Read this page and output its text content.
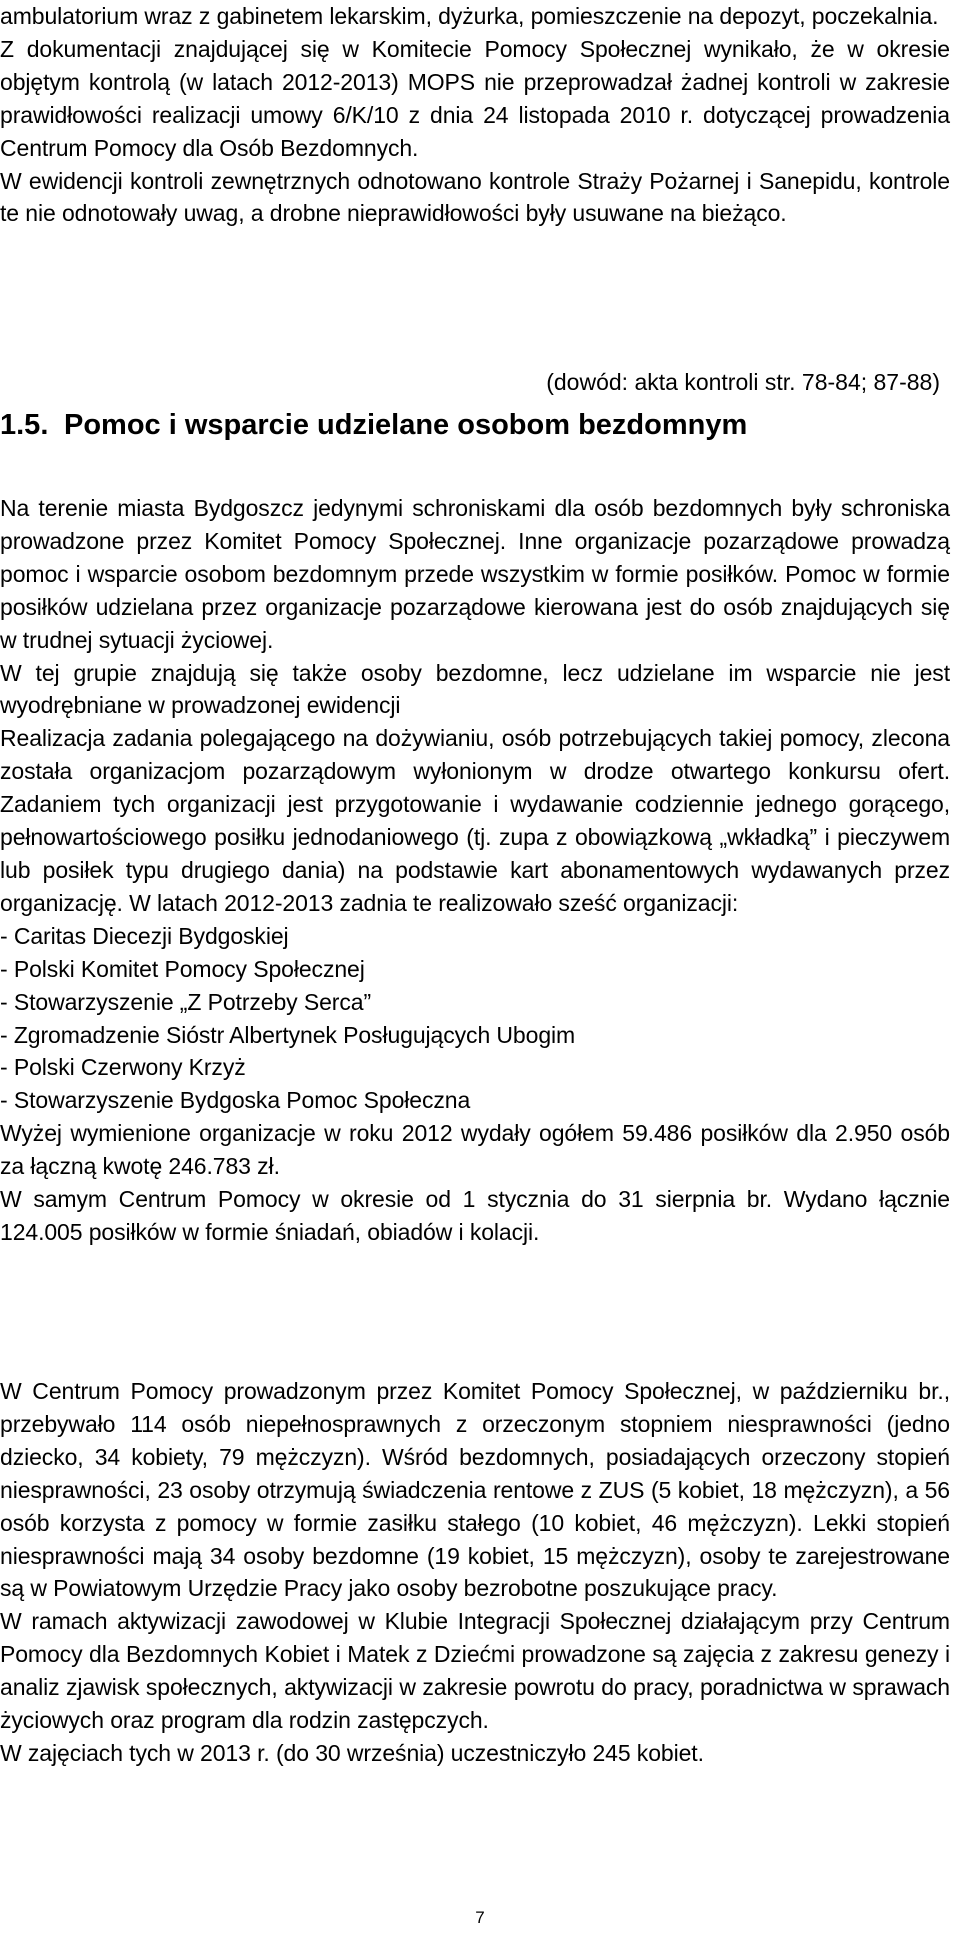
ambulatorium wraz z gabinetem lekarskim, dyżurka, pomieszczenie na depozyt, poczekalnia.

Z dokumentacji znajdującej się w Komitecie Pomocy Społecznej wynikało, że w okresie objętym kontrolą (w latach 2012-2013) MOPS nie przeprowadzał żadnej kontroli w zakresie prawidłowości realizacji umowy 6/K/10 z dnia 24 listopada 2010 r. dotyczącej prowadzenia Centrum Pomocy dla Osób Bezdomnych.

W ewidencji kontroli zewnętrznych odnotowano kontrole Straży Pożarnej i Sanepidu, kontrole te nie odnotowały uwag, a drobne nieprawidłowości były usuwane na bieżąco.

(dowód: akta kontroli str. 78-84; 87-88)
1.5. Pomoc i wsparcie udzielane osobom bezdomnym

Na terenie miasta Bydgoszcz jedynymi schroniskami dla osób bezdomnych były schroniska prowadzone przez Komitet Pomocy Społecznej. Inne organizacje pozarządowe prowadzą pomoc i wsparcie osobom bezdomnym przede wszystkim w formie posiłków. Pomoc w formie posiłków udzielana przez organizacje pozarządowe kierowana jest do osób znajdujących się w trudnej sytuacji życiowej.

W tej grupie znajdują się także osoby bezdomne, lecz udzielane im wsparcie nie jest wyodrębniane w prowadzonej ewidencji

Realizacja zadania polegającego na dożywianiu, osób potrzebujących takiej pomocy, zlecona została organizacjom pozarządowym wyłonionym w drodze otwartego konkursu ofert. Zadaniem tych organizacji jest przygotowanie i wydawanie codziennie jednego gorącego, pełnowartościowego posiłku jednodaniowego (tj. zupa z obowiązkową „wkładką” i pieczywem lub posiłek typu drugiego dania) na podstawie kart abonamentowych wydawanych przez organizację. W latach 2012-2013 zadnia te realizowało sześć organizacji:

- Caritas Diecezji Bydgoskiej

- Polski Komitet Pomocy Społecznej

- Stowarzyszenie „Z Potrzeby Serca”

- Zgromadzenie Sióstr Albertynek Posługujących Ubogim

- Polski Czerwony Krzyż

- Stowarzyszenie Bydgoska Pomoc Społeczna

Wyżej wymienione organizacje w roku 2012 wydały ogółem 59.486 posiłków dla 2.950 osób za łączną kwotę 246.783 zł.

W samym Centrum Pomocy w okresie od 1 stycznia do 31 sierpnia br. Wydano łącznie 124.005 posiłków w formie śniadań, obiadów i kolacji.

W Centrum Pomocy prowadzonym przez Komitet Pomocy Społecznej, w październiku br., przebywało 114 osób niepełnosprawnych z orzeczonym stopniem niesprawności (jedno dziecko, 34 kobiety, 79 mężczyzn). Wśród bezdomnych, posiadających orzeczony stopień niesprawności, 23 osoby otrzymują świadczenia rentowe z ZUS (5 kobiet, 18 mężczyzn), a 56 osób korzysta z pomocy w formie zasiłku stałego (10 kobiet, 46 mężczyzn). Lekki stopień niesprawności mają 34 osoby bezdomne (19 kobiet, 15 mężczyzn), osoby te zarejestrowane są w Powiatowym Urzędzie Pracy jako osoby bezrobotne poszukujące pracy.

W ramach aktywizacji zawodowej w Klubie Integracji Społecznej działającym przy Centrum Pomocy dla Bezdomnych Kobiet i Matek z Dziećmi prowadzone są zajęcia z zakresu genezy i analiz zjawisk społecznych, aktywizacji w zakresie powrotu do pracy, poradnictwa w sprawach życiowych oraz program dla rodzin zastępczych.

W zajęciach tych w 2013 r. (do 30 września) uczestniczyło 245 kobiet.

7
